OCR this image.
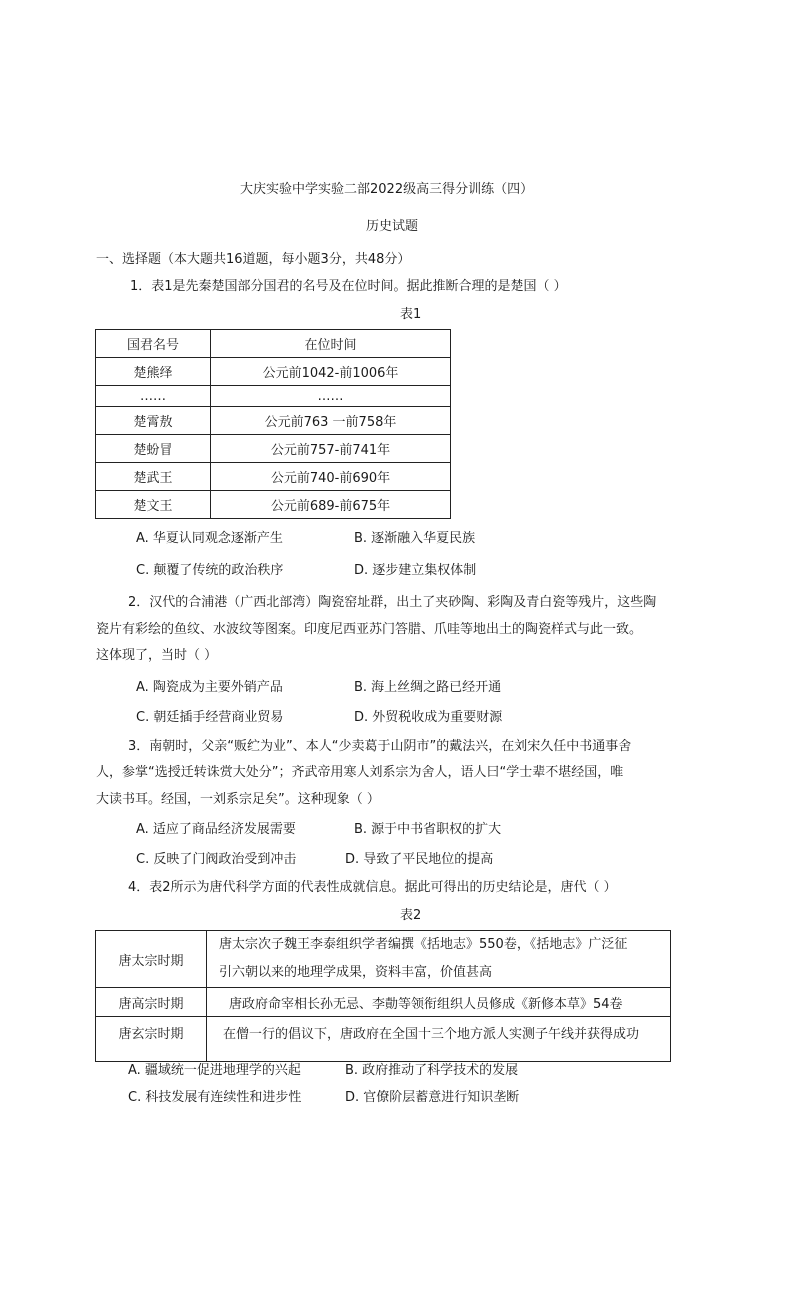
大庆实验中学实验二部2022级高三得分训练（四）
历史试题
一、选择题（本大题共16道题，每小题3分，共48分）
1．表1是先秦楚国部分国君的名号及在位时间。据此推断合理的是楚国（ ）
表1
国君名号	在位时间
楚熊绎	公元前1042-前1006年
……	……
楚霄敖	公元前763 一前758年
楚蚡冒	公元前757-前741年
楚武王	公元前740-前690年
楚文王	公元前689-前675年
A. 华夏认同观念逐渐产生	B. 逐渐融入华夏民族
C. 颠覆了传统的政治秩序	D. 逐步建立集权体制
2．汉代的合浦港（广西北部湾）陶瓷窑址群，出土了夹砂陶、彩陶及青白瓷等残片，这些陶
瓷片有彩绘的鱼纹、水波纹等图案。印度尼西亚苏门答腊、爪哇等地出土的陶瓷样式与此一致。
这体现了，当时（ ）
A. 陶瓷成为主要外销产品	B. 海上丝绸之路已经开通
C. 朝廷插手经营商业贸易	D. 外贸税收成为重要财源
3．南朝时，父亲“贩纻为业”、本人“少卖葛于山阴市”的戴法兴，在刘宋久任中书通事舍
人，参掌“选授迁转诛赏大处分”；齐武帝用寒人刘系宗为舍人，语人曰“学士辈不堪经国，唯
大读书耳。经国，一刘系宗足矣”。这种现象（ ）
A. 适应了商品经济发展需要	B. 源于中书省职权的扩大
C. 反映了门阀政治受到冲击	D. 导致了平民地位的提高
4．表2所示为唐代科学方面的代表性成就信息。据此可得出的历史结论是，唐代（ ）
表2
唐太宗时期	唐太宗次子魏王李泰组织学者编撰《括地志》550卷，《括地志》广泛征
引六朝以来的地理学成果，资料丰富，价值甚高

唐高宗时期	唐政府命宰相长孙无忌、李勣等领衔组织人员修成《新修本草》54卷
唐玄宗时期	在僧一行的倡议下，唐政府在全国十三个地方派人实测子午线并获得成功
A. 疆域统一促进地理学的兴起	B. 政府推动了科学技术的发展
C. 科技发展有连续性和进步性	D. 官僚阶层蓄意进行知识垄断
